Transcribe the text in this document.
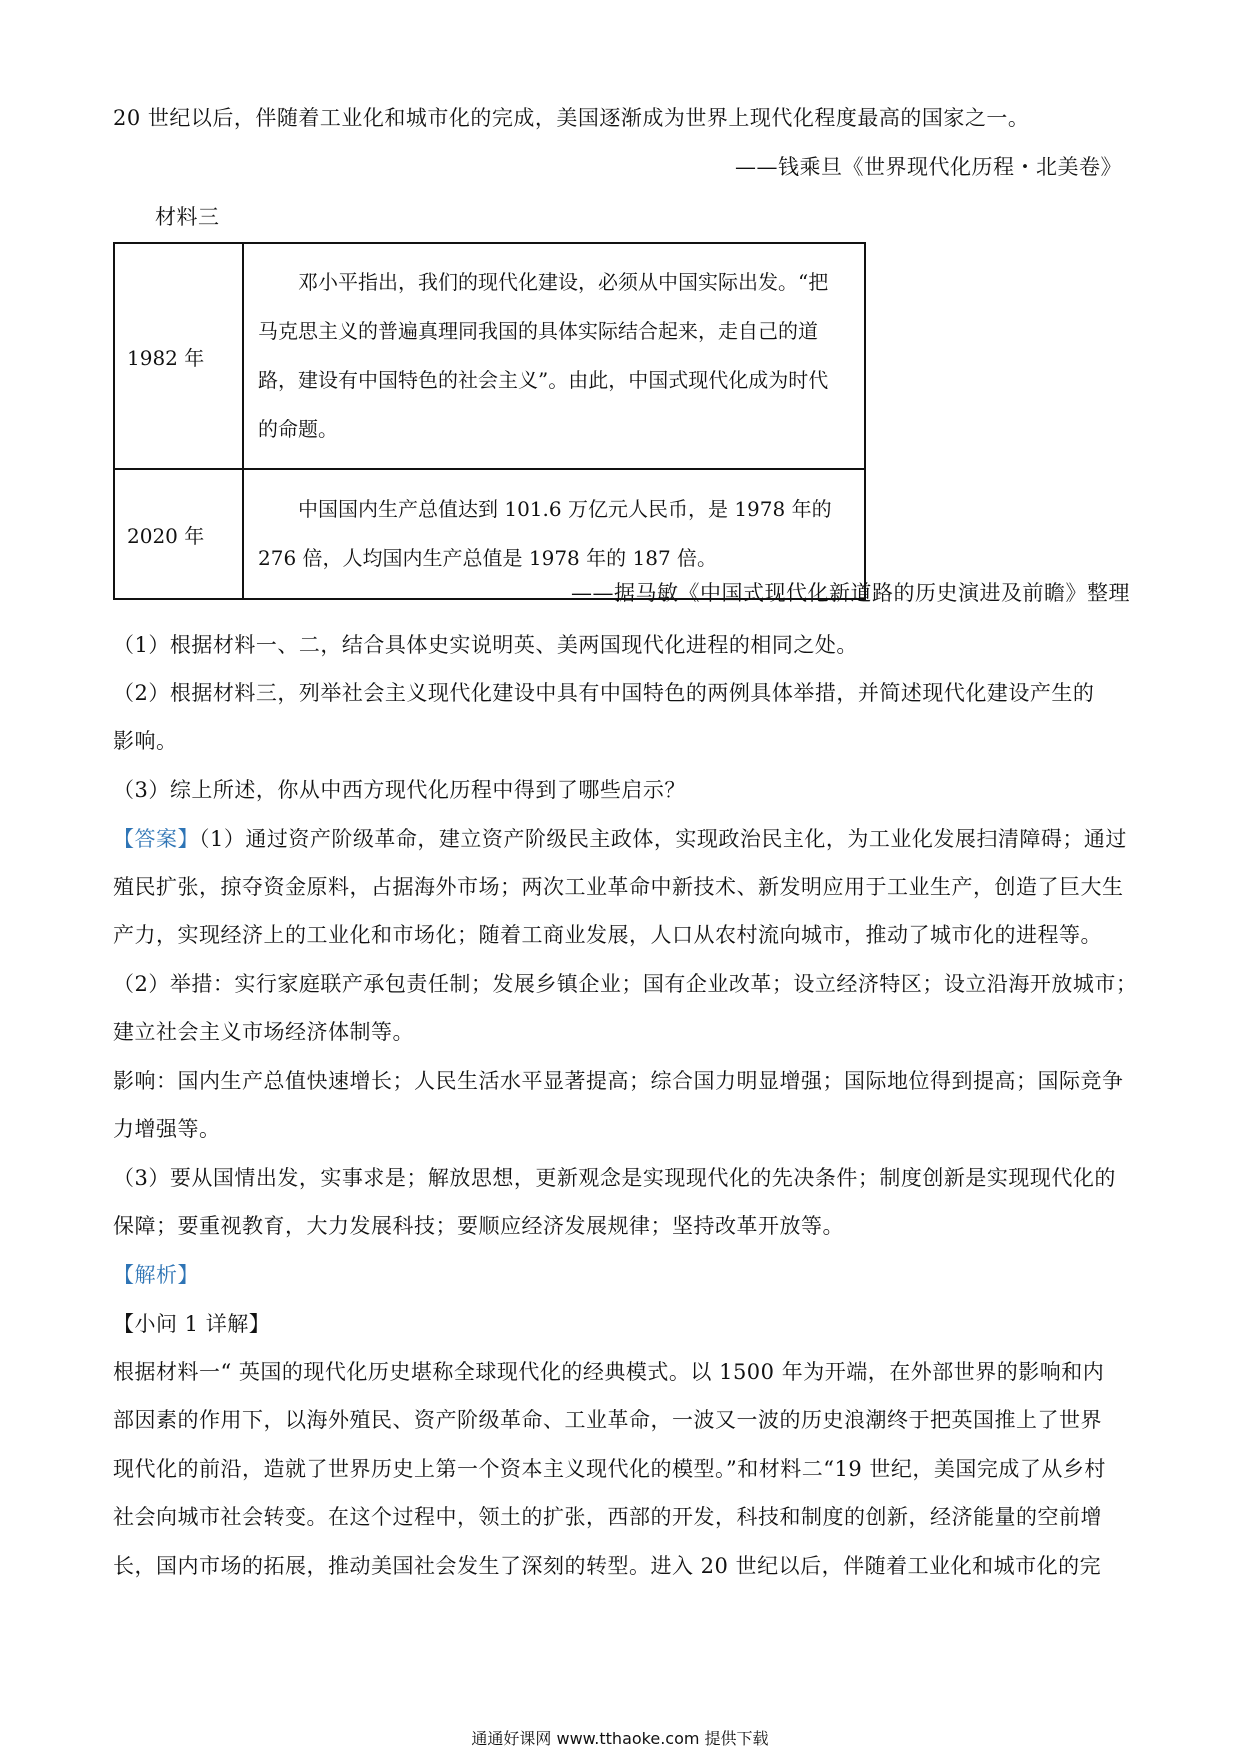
20 世纪以后，伴随着工业化和城市化的完成，美国逐渐成为世界上现代化程度最高的国家之一。
——钱乘旦《世界现代化历程・北美卷》
材料三
1982 年	邓小平指出，我们的现代化建设，必须从中国实际出发。“把马克思主义的普遍真理同我国的具体实际结合起来，走自己的道路，建设有中国特色的社会主义”。由此，中国式现代化成为时代的命题。

2020 年	中国国内生产总值达到 101.6 万亿元人民币，是 1978 年的 276 倍，人均国内生产总值是 1978 年的 187 倍。
——据马敏《中国式现代化新道路的历史演进及前瞻》整理
（1）根据材料一、二，结合具体史实说明英、美两国现代化进程的相同之处。
（2）根据材料三，列举社会主义现代化建设中具有中国特色的两例具体举措，并简述现代化建设产生的
影响。
（3）综上所述，你从中西方现代化历程中得到了哪些启示？
【答案】（1）通过资产阶级革命，建立资产阶级民主政体，实现政治民主化，为工业化发展扫清障碍；通过
殖民扩张，掠夺资金原料，占据海外市场；两次工业革命中新技术、新发明应用于工业生产，创造了巨大生
产力，实现经济上的工业化和市场化；随着工商业发展，人口从农村流向城市，推动了城市化的进程等。
（2）举措：实行家庭联产承包责任制；发展乡镇企业；国有企业改革；设立经济特区；设立沿海开放城市；
建立社会主义市场经济体制等。
影响：国内生产总值快速增长；人民生活水平显著提高；综合国力明显增强；国际地位得到提高；国际竞争
力增强等。
（3）要从国情出发，实事求是；解放思想，更新观念是实现现代化的先决条件；制度创新是实现现代化的
保障；要重视教育，大力发展科技；要顺应经济发展规律；坚持改革开放等。
【解析】
【小问 1 详解】
根据材料一“ 英国的现代化历史堪称全球现代化的经典模式。以 1500 年为开端，在外部世界的影响和内
部因素的作用下，以海外殖民、资产阶级革命、工业革命，一波又一波的历史浪潮终于把英国推上了世界
现代化的前沿，造就了世界历史上第一个资本主义现代化的模型。”和材料二“19 世纪，美国完成了从乡村
社会向城市社会转变。在这个过程中，领土的扩张，西部的开发，科技和制度的创新，经济能量的空前增
长，国内市场的拓展，推动美国社会发生了深刻的转型。进入 20 世纪以后，伴随着工业化和城市化的完
通通好课网 www.tthaoke.com 提供下载
